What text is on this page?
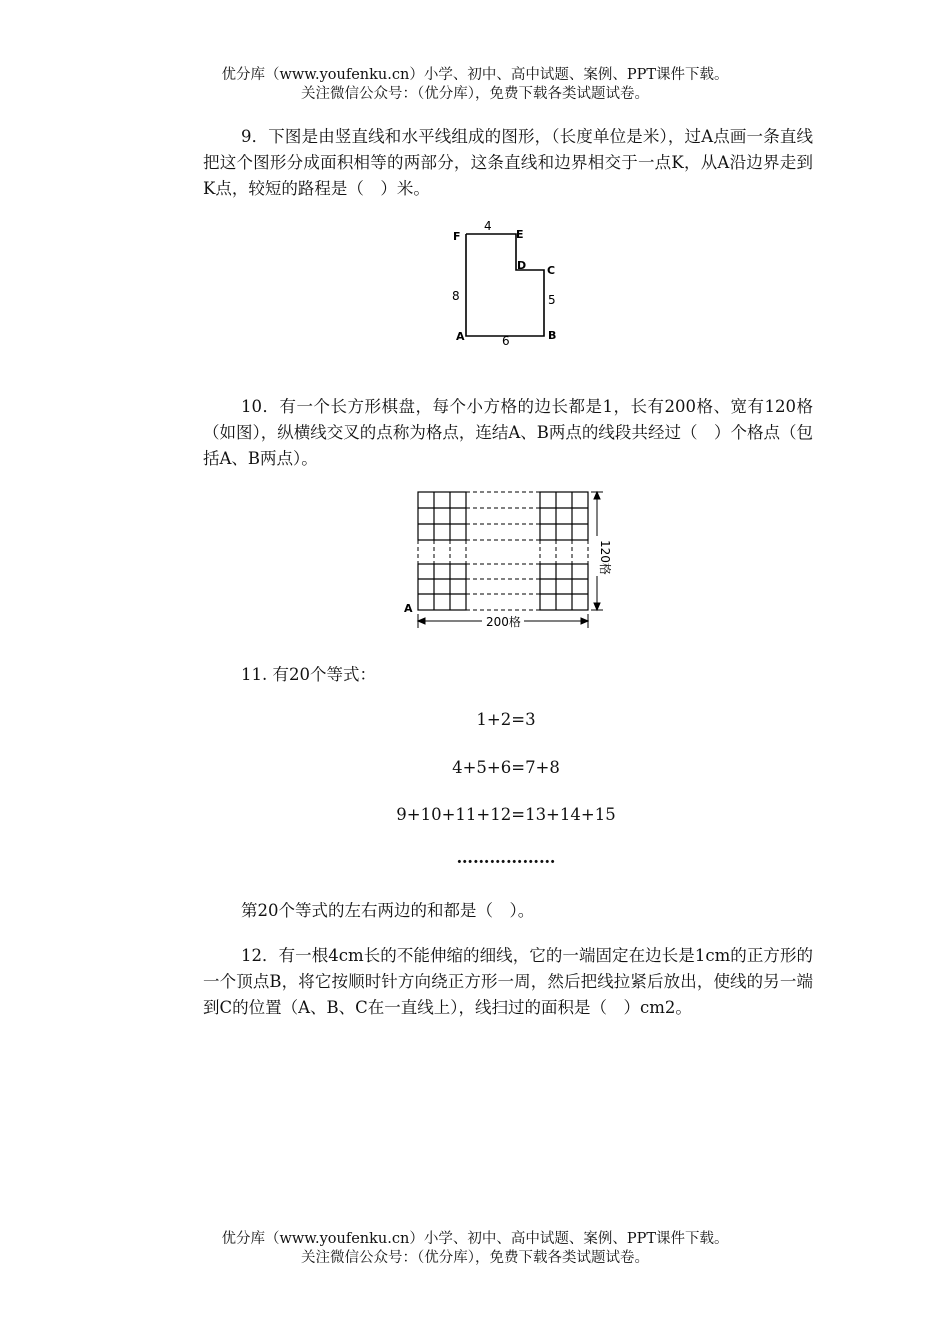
优分库（www.youfenku.cn）小学、初中、高中试题、案例、PPT课件下载。
关注微信公众号：（优分库），免费下载各类试题试卷。
9．下图是由竖直线和水平线组成的图形，（长度单位是米），过A点画一条直线把这个图形分成面积相等的两部分，这条直线和边界相交于一点K，从A沿边界走到K点，较短的路程是（　）米。
F	E
D C
B
A
4
8	5
6
10．有一个长方形棋盘，每个小方格的边长都是1，长有200格、宽有120格（如图），纵横线交叉的点称为格点，连结A、B两点的线段共经过（　）个格点（包括A、B两点）。
200格
120格
A
11. 有20个等式：
1+2=3
4+5+6=7+8
9+10+11+12=13+14+15
………………
第20个等式的左右两边的和都是（　）。
12．有一根4cm长的不能伸缩的细线，它的一端固定在边长是1cm的正方形的一个顶点B，将它按顺时针方向绕正方形一周，然后把线拉紧后放出，使线的另一端到C的位置（A、B、C在一直线上），线扫过的面积是（　）cm2。
优分库（www.youfenku.cn）小学、初中、高中试题、案例、PPT课件下载。
关注微信公众号：（优分库），免费下载各类试题试卷。
